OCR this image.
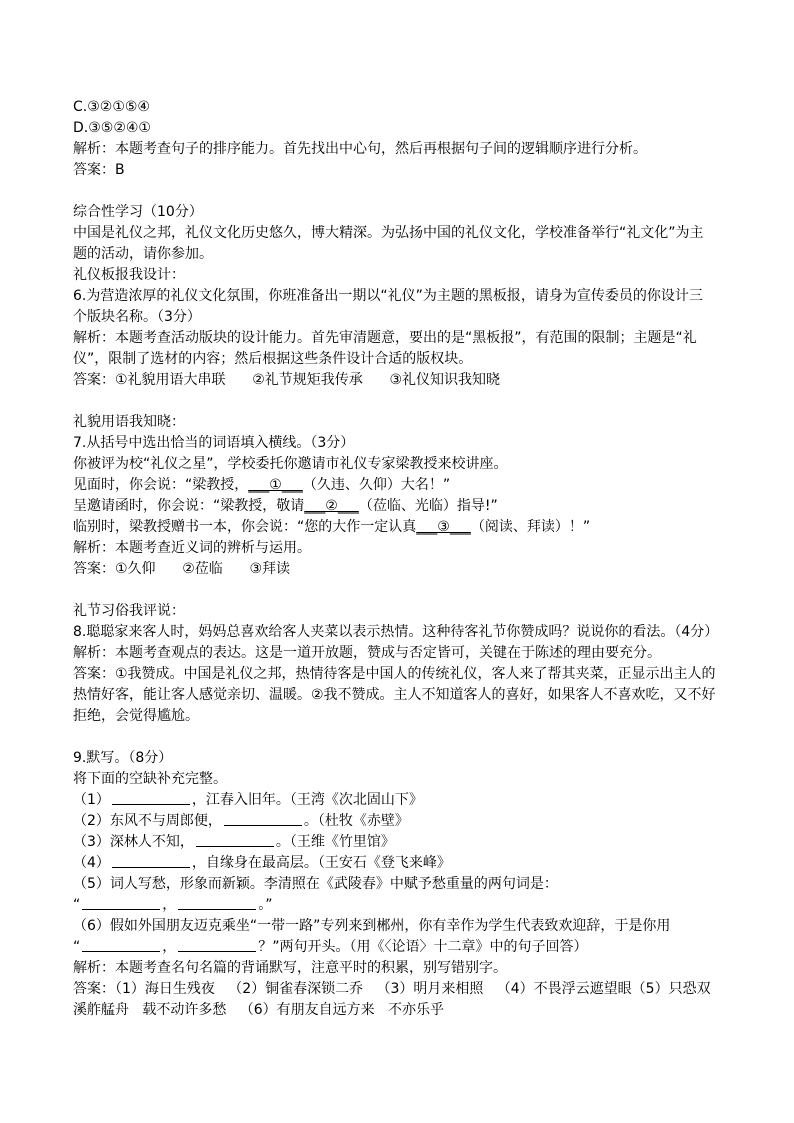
C.③②①⑤④
D.③⑤②④①
解析：本题考查句子的排序能力。首先找出中心句，然后再根据句子间的逻辑顺序进行分析。
答案：B
综合性学习（10分）
中国是礼仪之邦，礼仪文化历史悠久，博大精深。为弘扬中国的礼仪文化，学校准备举行“礼文化”为主
题的活动，请你参加。
礼仪板报我设计：
6.为营造浓厚的礼仪文化氛围，你班准备出一期以“礼仪”为主题的黑板报，请身为宣传委员的你设计三
个版块名称。（3分）
解析：本题考查活动版块的设计能力。首先审清题意，要出的是“黑板报”，有范围的限制；主题是“礼
仪”，限制了选材的内容；然后根据这些条件设计合适的版权块。
答案：①礼貌用语大串联      ②礼节规矩我传承      ③礼仪知识我知晓
礼貌用语我知晓：
7.从括号中选出恰当的词语填入横线。（3分）
你被评为校“礼仪之星”，学校委托你邀请市礼仪专家梁教授来校讲座。
见面时，你会说：“梁教授，___①___（久违、久仰）大名！”
呈邀请函时，你会说：“梁教授，敬请___②___（莅临、光临）指导!”
临别时，梁教授赠书一本，你会说：“您的大作一定认真___③___（阅读、拜读）！”
解析：本题考查近义词的辨析与运用。
答案：①久仰      ②莅临      ③拜读
礼节习俗我评说：
8.聪聪家来客人时，妈妈总喜欢给客人夹菜以表示热情。这种待客礼节你赞成吗？说说你的看法。（4分）
解析：本题考查观点的表达。这是一道开放题，赞成与否定皆可，关键在于陈述的理由要充分。
答案：①我赞成。中国是礼仪之邦，热情待客是中国人的传统礼仪，客人来了帮其夹菜，正显示出主人的
热情好客，能让客人感觉亲切、温暖。②我不赞成。主人不知道客人的喜好，如果客人不喜欢吃，又不好
拒绝，会觉得尴尬。
9.默写。（8分）
将下面的空缺补充完整。
（1）	，江春入旧年。（王湾《次北固山下》
（2）东风不与周郎便，	。（杜牧《赤壁》
（3）深林人不知，	。（王维《竹里馆》
（4）	，自缘身在最高层。（王安石《登飞来峰》
（5）词人写愁，形象而新颖。李清照在《武陵春》中赋予愁重量的两句词是：
“	，	。”
（6）假如外国朋友迈克乘坐“一带一路”专列来到郴州，你有幸作为学生代表致欢迎辞，于是你用
“	，	？”两句开头。（用《〈论语〉十二章》中的句子回答）
解析：本题考查名句名篇的背诵默写，注意平时的积累，别写错别字。
答案：（1）海日生残夜   （2）铜雀春深锁二乔   （3）明月来相照   （4）不畏浮云遮望眼（5）只恐双
溪舴艋舟   载不动许多愁   （6）有朋友自远方来   不亦乐乎
